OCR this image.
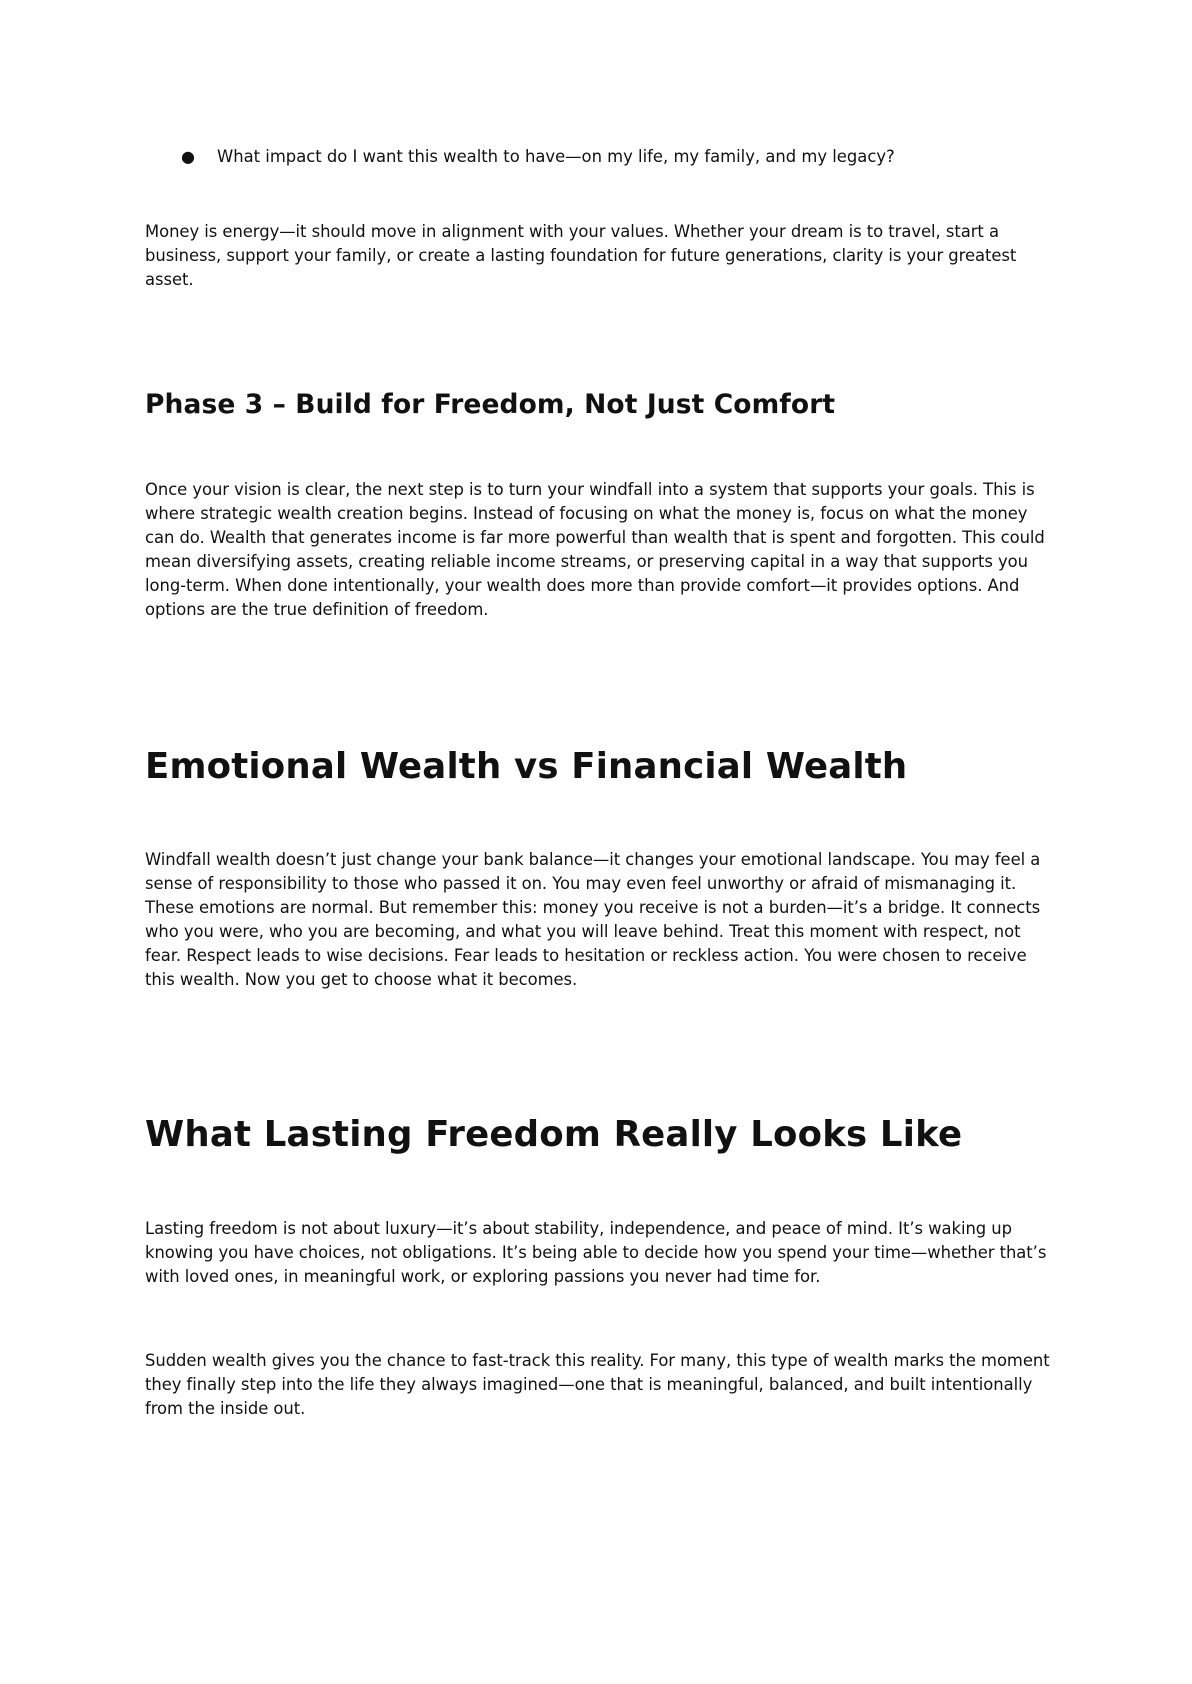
● What impact do I want this wealth to have—on my life, my family, and my legacy?

Money is energy—it should move in alignment with your values. Whether your dream is to travel, start a business, support your family, or create a lasting foundation for future generations, clarity is your greatest asset.

Phase 3 – Build for Freedom, Not Just Comfort

Once your vision is clear, the next step is to turn your windfall into a system that supports your goals. This is where strategic wealth creation begins. Instead of focusing on what the money is, focus on what the money can do. Wealth that generates income is far more powerful than wealth that is spent and forgotten. This could mean diversifying assets, creating reliable income streams, or preserving capital in a way that supports you long-term. When done intentionally, your wealth does more than provide comfort—it provides options. And options are the true definition of freedom.

Emotional Wealth vs Financial Wealth

Windfall wealth doesn’t just change your bank balance—it changes your emotional landscape. You may feel a sense of responsibility to those who passed it on. You may even feel unworthy or afraid of mismanaging it. These emotions are normal. But remember this: money you receive is not a burden—it’s a bridge. It connects who you were, who you are becoming, and what you will leave behind. Treat this moment with respect, not fear. Respect leads to wise decisions. Fear leads to hesitation or reckless action. You were chosen to receive this wealth. Now you get to choose what it becomes.

What Lasting Freedom Really Looks Like

Lasting freedom is not about luxury—it’s about stability, independence, and peace of mind. It’s waking up knowing you have choices, not obligations. It’s being able to decide how you spend your time—whether that’s with loved ones, in meaningful work, or exploring passions you never had time for.

Sudden wealth gives you the chance to fast-track this reality. For many, this type of wealth marks the moment they finally step into the life they always imagined—one that is meaningful, balanced, and built intentionally from the inside out.
